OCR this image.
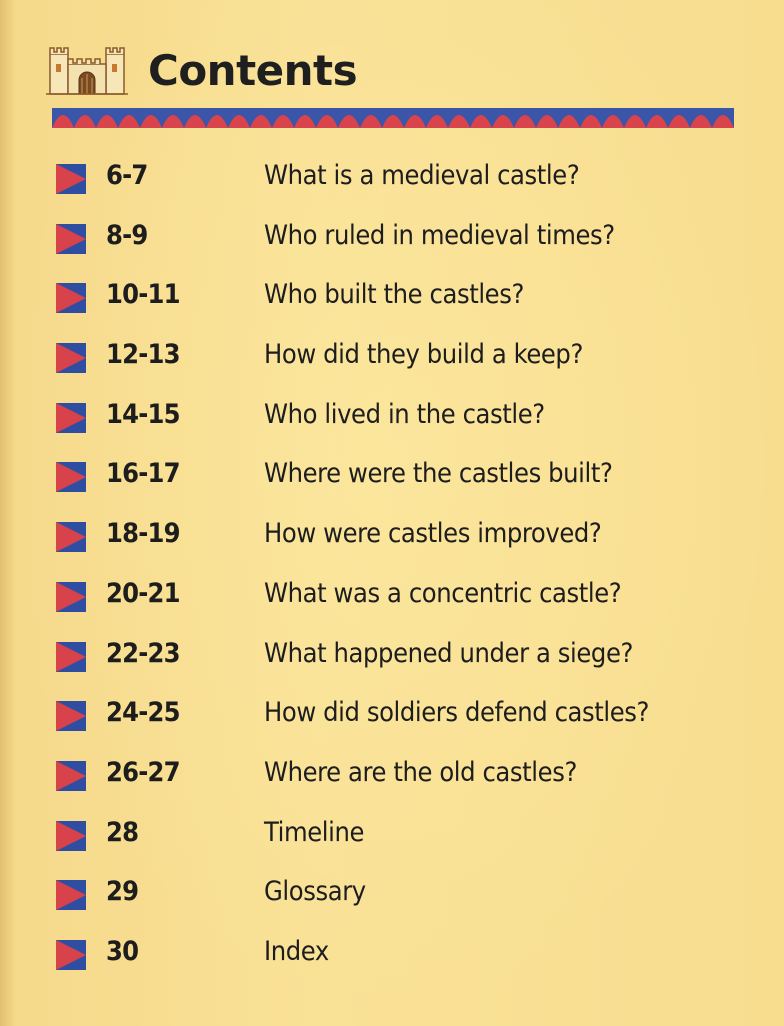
Contents
6-7	What is a medieval castle?
8-9	Who ruled in medieval times?
10-11	Who built the castles?
12-13	How did they build a keep?
14-15	Who lived in the castle?
16-17	Where were the castles built?
18-19	How were castles improved?
20-21	What was a concentric castle?
22-23	What happened under a siege?
24-25	How did soldiers defend castles?
26-27	Where are the old castles?
28	Timeline
29	Glossary
30	Index
